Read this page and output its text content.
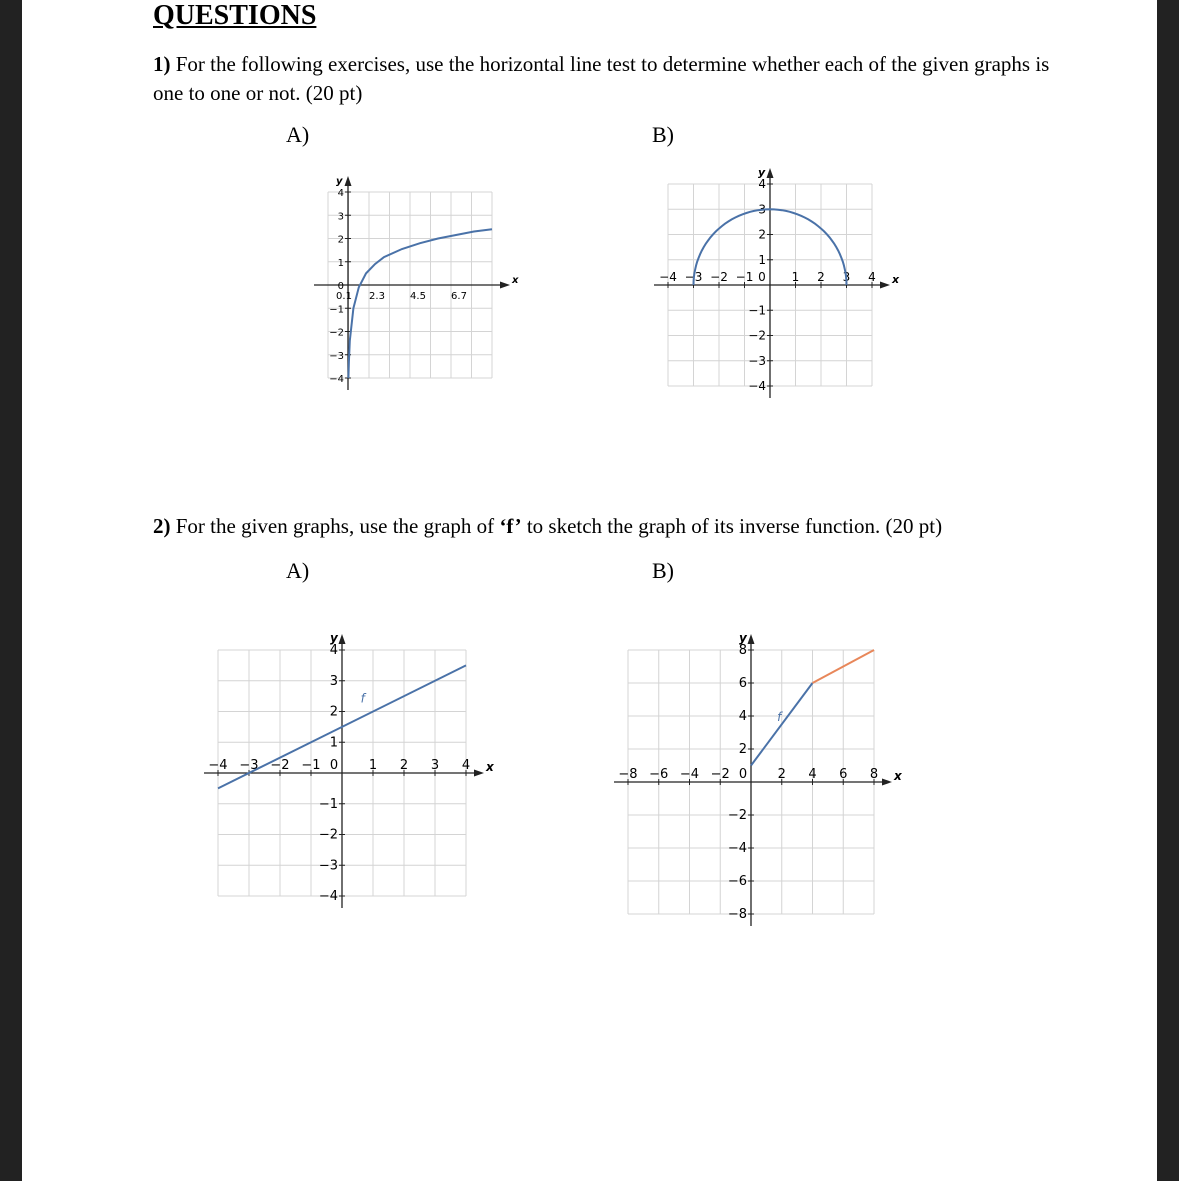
QUESTIONS
1) For the following exercises, use the horizontal line test to determine whether each of the given graphs is one to one or not. (20 pt)
A)	B)
2) For the given graphs, use the graph of ‘f’ to sketch the graph of its inverse function. (20 pt)
A)	B)
x
y
0.1 2.3	4.5	6.7
4
3
2
1
0
−1
−2
−3
−4
x
y
−4 −3 −2 −1 0 1 2 3 4
4
3
2
1
−1
−2
−3
−4
x
y
−4 −3 −2 −1 0 1 2 3 4
4
3
2
1
−1
−2
−3
−4
f
x
y
−8 −6 −4 −2 0 2 4 6 8
8
6
4
2
−2
−4
−6
−8
f
